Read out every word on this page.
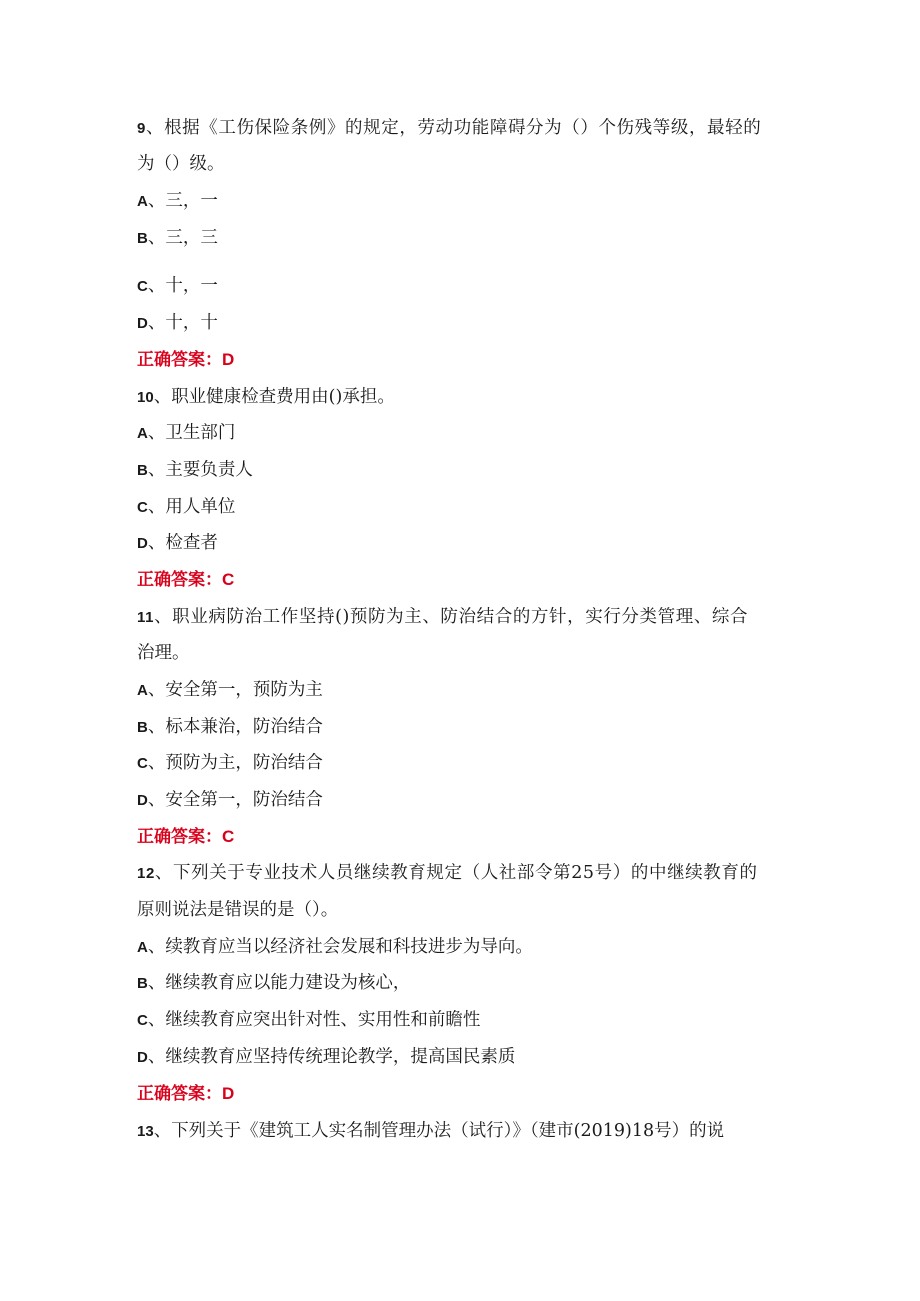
9、根据《工伤保险条例》的规定，劳动功能障碍分为（）个伤残等级，最轻的

为（）级。

A、三，一

B、三，三

C、十，一

D、十，十

正确答案：D

10、职业健康检查费用由()承担。

A、卫生部门

B、主要负责人

C、用人单位

D、检查者

正确答案：C

11、职业病防治工作坚持()预防为主、防治结合的方针，实行分类管理、综合

治理。

A、安全第一，预防为主

B、标本兼治，防治结合

C、预防为主，防治结合

D、安全第一，防治结合

正确答案：C

12、下列关于专业技术人员继续教育规定（人社部令第25号）的中继续教育的

原则说法是错误的是（）。

A、续教育应当以经济社会发展和科技进步为导向。

B、继续教育应以能力建设为核心，

C、继续教育应突出针对性、实用性和前瞻性

D、继续教育应坚持传统理论教学，提高国民素质

正确答案：D

13、下列关于《建筑工人实名制管理办法（试行）》（建市(2019)18号）的说
